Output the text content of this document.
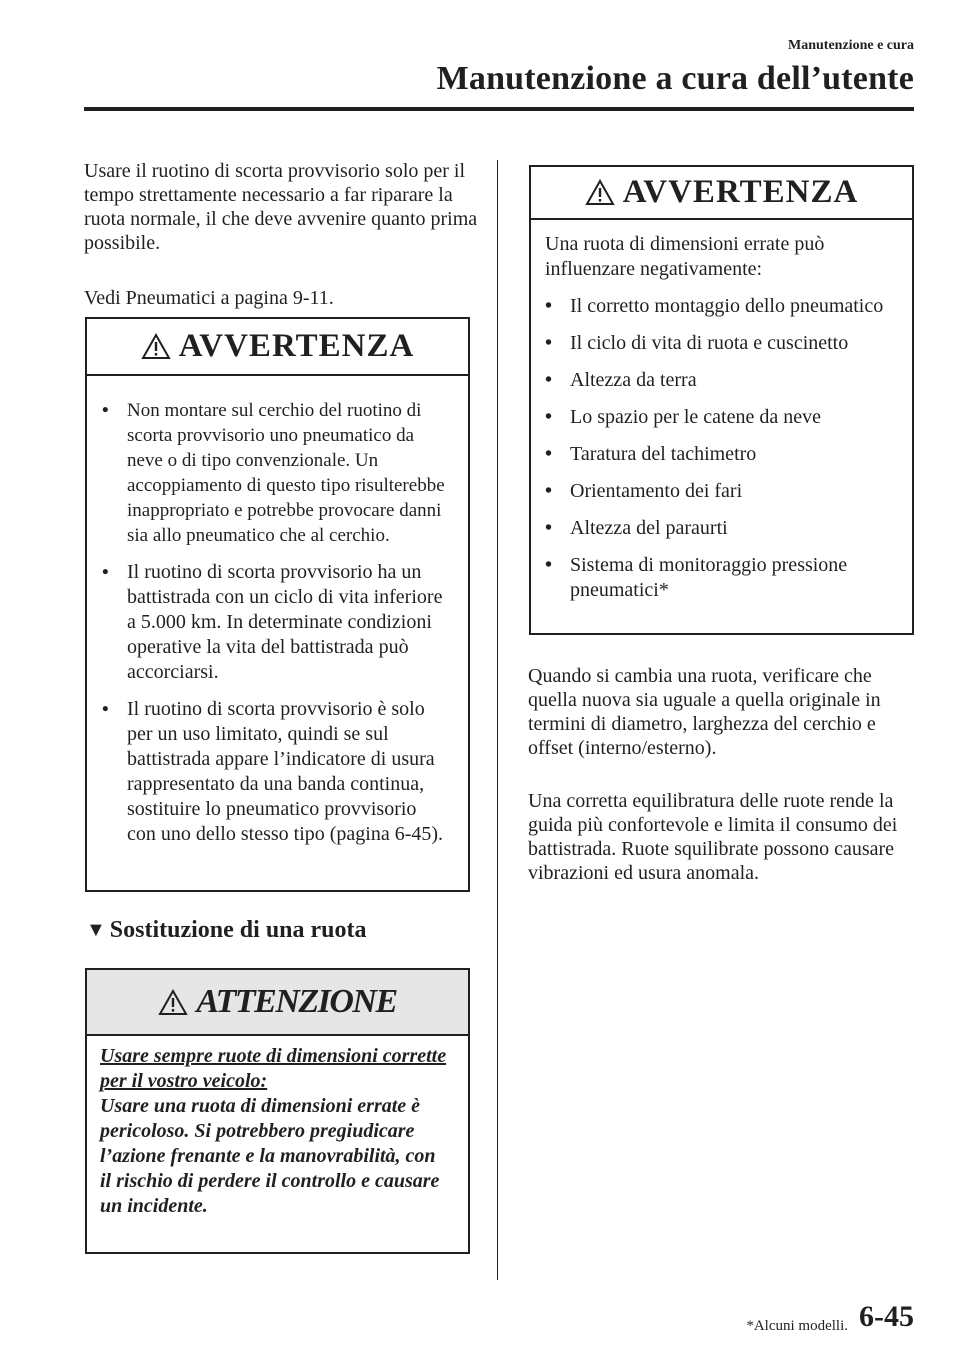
Manutenzione e cura
Manutenzione a cura dell’utente
Usare il ruotino di scorta provvisorio solo per il tempo strettamente necessario a far riparare la ruota normale, il che deve avvenire quanto prima possibile.
Vedi Pneumatici a pagina 9-11.
AVVERTENZA
• Non montare sul cerchio del ruotino di scorta provvisorio uno pneumatico da neve o di tipo convenzionale. Un accoppiamento di questo tipo risulterebbe inappropriato e potrebbe provocare danni sia allo pneumatico che al cerchio.
• Il ruotino di scorta provvisorio ha un battistrada con un ciclo di vita inferiore a 5.000 km. In determinate condizioni operative la vita del battistrada può accorciarsi.
• Il ruotino di scorta provvisorio è solo per un uso limitato, quindi se sul battistrada appare l’indicatore di usura rappresentato da una banda continua, sostituire lo pneumatico provvisorio con uno dello stesso tipo (pagina 6-45).
▼ Sostituzione di una ruota
ATTENZIONE
Usare sempre ruote di dimensioni corrette per il vostro veicolo:
Usare una ruota di dimensioni errate è pericoloso. Si potrebbero pregiudicare l’azione frenante e la manovrabilità, con il rischio di perdere il controllo e causare un incidente.
AVVERTENZA
Una ruota di dimensioni errate può influenzare negativamente:
• Il corretto montaggio dello pneumatico
• Il ciclo di vita di ruota e cuscinetto
• Altezza da terra
• Lo spazio per le catene da neve
• Taratura del tachimetro
• Orientamento dei fari
• Altezza del paraurti
• Sistema di monitoraggio pressione pneumatici*
Quando si cambia una ruota, verificare che quella nuova sia uguale a quella originale in termini di diametro, larghezza del cerchio e offset (interno/esterno).
Una corretta equilibratura delle ruote rende la guida più confortevole e limita il consumo dei battistrada. Ruote squilibrate possono causare vibrazioni ed usura anomala.
*Alcuni modelli. 6-45
